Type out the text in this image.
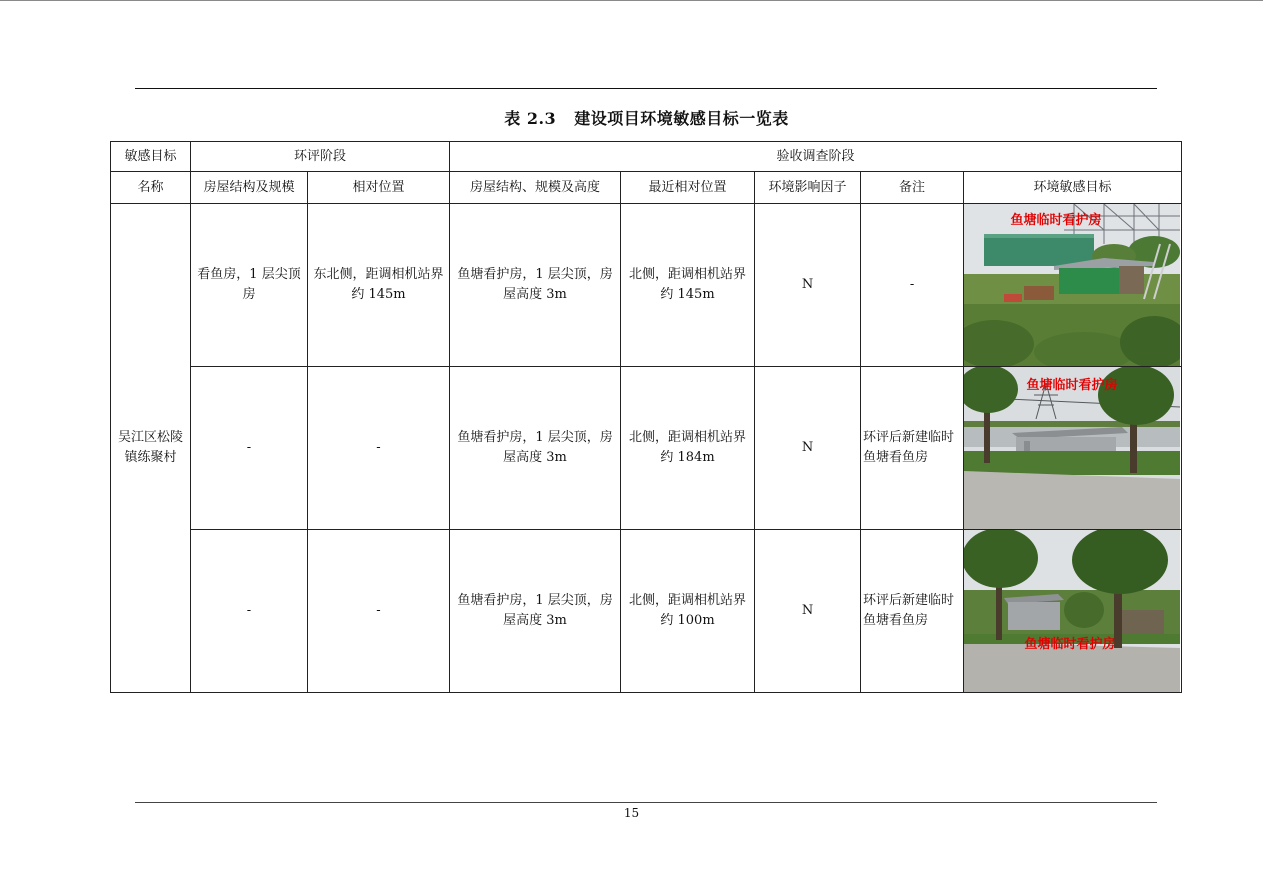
表 2.3 建设项目环境敏感目标一览表
敏感目标	环评阶段		验收调查阶段				
名称	房屋结构及规模	相对位置	房屋结构、规模及高度	最近相对位置	环境影响因子	备注	环境敏感目标
吴江区松陵镇练聚村	看鱼房，1 层尖顶房	东北侧，距调相机站界约 145m	鱼塘看护房，1 层尖顶，房屋高度 3m	北侧，距调相机站界约 145m	N	-	鱼塘临时看护房

	-	-	鱼塘看护房，1 层尖顶，房屋高度 3m	北侧，距调相机站界约 184m	N	环评后新建临时鱼塘看鱼房	鱼塘临时看护房

	-	-	鱼塘看护房，1 层尖顶，房屋高度 3m	北侧，距调相机站界约 100m	N	环评后新建临时鱼塘看鱼房	鱼塘临时看护房
15
